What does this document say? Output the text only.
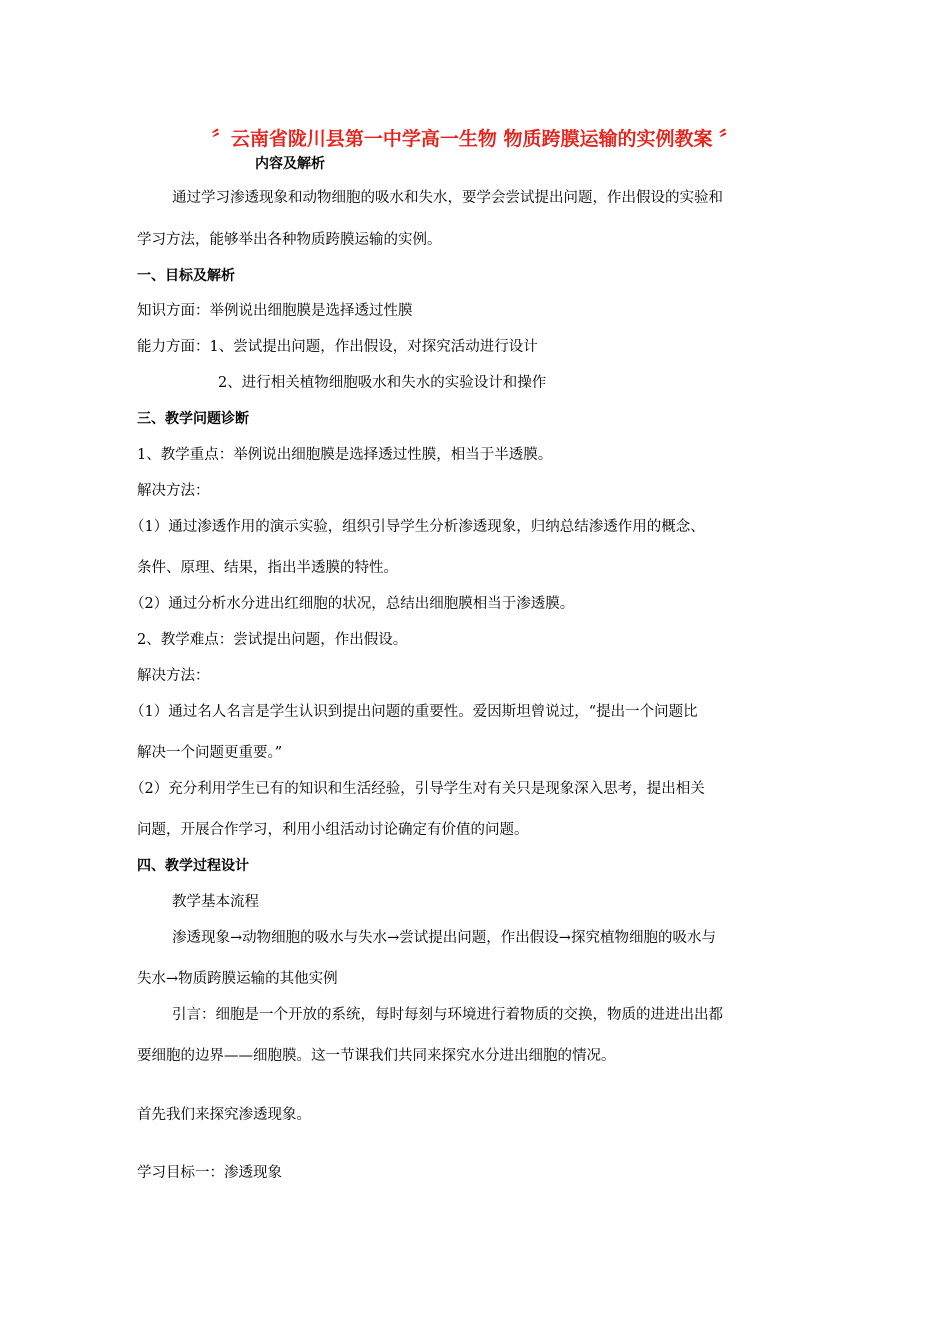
〞云南省陇川县第一中学高一生物 物质跨膜运输的实例教案 〞
内容及解析
通过学习渗透现象和动物细胞的吸水和失水，要学会尝试提出问题，作出假设的实验和
学习方法，能够举出各种物质跨膜运输的实例。
一、目标及解析
知识方面：举例说出细胞膜是选择透过性膜
能力方面：1、尝试提出问题，作出假设，对探究活动进行设计
2、进行相关植物细胞吸水和失水的实验设计和操作
三、教学问题诊断
1、教学重点：举例说出细胞膜是选择透过性膜，相当于半透膜。
解决方法：
（1）通过渗透作用的演示实验，组织引导学生分析渗透现象，归纳总结渗透作用的概念、
条件、原理、结果，指出半透膜的特性。
（2）通过分析水分进出红细胞的状况，总结出细胞膜相当于渗透膜。
2、教学难点：尝试提出问题，作出假设。
解决方法：
（1）通过名人名言是学生认识到提出问题的重要性。爱因斯坦曾说过，“提出一个问题比
解决一个问题更重要。”
（2）充分利用学生已有的知识和生活经验，引导学生对有关只是现象深入思考，提出相关
问题，开展合作学习，利用小组活动讨论确定有价值的问题。
四、教学过程设计
教学基本流程
渗透现象→动物细胞的吸水与失水→尝试提出问题，作出假设→探究植物细胞的吸水与
失水→物质跨膜运输的其他实例
引言：细胞是一个开放的系统，每时每刻与环境进行着物质的交换，物质的进进出出都
要细胞的边界——细胞膜。这一节课我们共同来探究水分进出细胞的情况。
首先我们来探究渗透现象。
学习目标一：渗透现象
